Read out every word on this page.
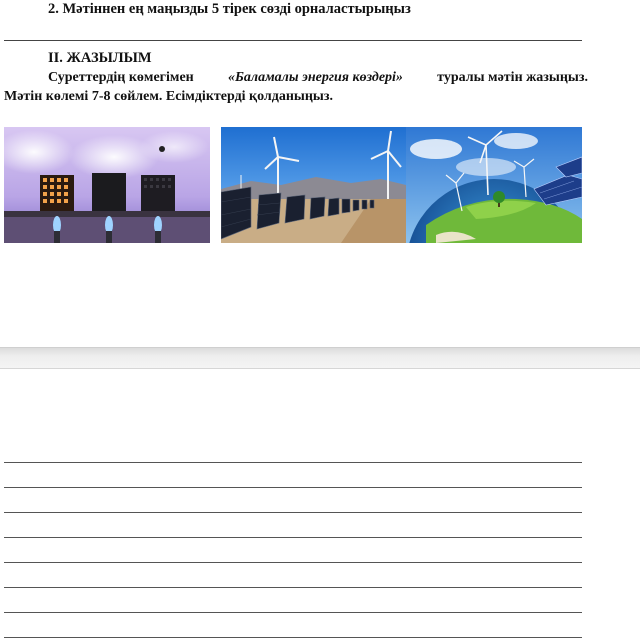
2. Мәтіннен ең маңызды 5 тірек сөзді орналастырыңыз
ІІ. ЖАЗЫЛЫМ
Суреттердің көмегімен «Баламалы энергия көздері» туралы мәтін жазыңыз.
Мәтін көлемі 7-8 сөйлем. Есімдіктерді қолданыңыз.
